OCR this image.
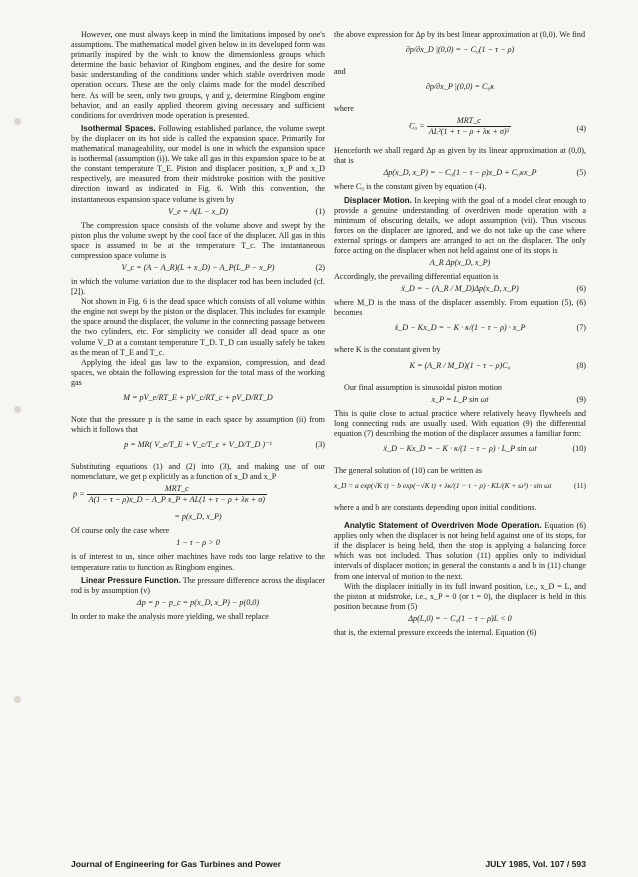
However, one must always keep in mind the limitations imposed by one's assumptions. The mathematical model given below in its developed form was primarily inspired by the wish to know the dimensionless groups which determine the basic behavior of Ringbom engines, and the desire for some basic understanding of the conditions under which stable overdriven mode operation occurs. These are the only claims made for the model described here. As will be seen, only two groups, γ and χ, determine Ringbom engine behavior, and an easily applied theorem giving necessary and sufficient conditions for overdriven mode operation is presented.

Isothermal Spaces. Following established parlance, the volume swept by the displacer on its hot side is called the expansion space. Primarily for mathematical manageability, our model is one in which the expansion space is isothermal (assumption (i)). We take all gas in this expansion space to be at the constant temperature T_E. Piston and displacer position, x_P and x_D respectively, are measured from their midstroke position with the positive direction inward as indicated in Fig. 6. With this convention, the instantaneous expansion space volume is given by

V_e = A(L − x_D)	(1)

The compression space consists of the volume above and swept by the piston plus the volume swept by the cool face of the displacer. All gas in this space is assumed to be at the temperature T_c. The instantaneous compression space volume is

V_c = (A − A_R)(L + x_D) − A_P(L_P − x_P)	(2)

in which the volume variation due to the displacer rod has been included (cf. [2]).

Not shown in Fig. 6 is the dead space which consists of all volume within the engine not swept by the piston or the displacer. This includes for example the space around the displacer, the volume in the connecting passage between the two cylinders, etc. For simplicity we consider all dead space as one volume V_D at a constant temperature T_D. T_D can usually safely be taken as the mean of T_E and T_c.

Applying the ideal gas law to the expansion, compression, and dead spaces, we obtain the following expression for the total mass of the working gas

M = pV_e/RT_E + pV_c/RT_c + pV_D/RT_D

Note that the pressure p is the same in each space by assumption (ii) from which it follows that

p = MR( V_e/T_E + V_c/T_c + V_D/T_D )⁻¹	(3)

Substituting equations (1) and (2) into (3), and making use of our nomenclature, we get p explicitly as a function of x_D and x_P

$p = \frac{\text{MRT\_c}}{\text{A(1 − τ − ρ)x\_D − A\_P x\_P + AL(1 + τ − ρ + λκ + σ)}}$
= p(x_D, x_P)

Of course only the case where

1 − τ − ρ > 0

is of interest to us, since other machines have rods too large relative to the temperature ratio to function as Ringbom engines.

Linear Pressure Function. The pressure difference across the displacer rod is by assumption (v)

Δp = p − p_c = p(x_D, x_P) − p(0,0)

In order to make the analysis more yielding, we shall replace

the above expression for Δp by its best linear approximation at (0,0). We find

∂p/∂x_D |(0,0) = − C₀(1 − τ − ρ)

and

∂p/∂x_P |(0,0) = C₀κ

where

$C_0 = \frac{\text{MRT\_c}}{\text{AL²(1 + τ − ρ + λκ + σ)²}}$	(4)

Henceforth we shall regard Δp as given by its linear approximation at (0,0), that is

Δp(x_D, x_P) = − C₀(1 − τ − ρ)x_D + C₀κx_P	(5)

where C₀ is the constant given by equation (4).

Displacer Motion. In keeping with the goal of a model clear enough to provide a genuine understanding of overdriven mode operation with a minimum of obscuring details, we adopt assumption (vii). Thus viscous forces on the displacer are ignored, and we do not take up the case where external springs or dampers are arranged to act on the displacer. The only force acting on the displacer when not held against one of its stops is

A_R Δp(x_D, x_P)

Accordingly, the prevailing differential equation is

ẍ_D = − (A_R / M_D)Δp(x_D, x_P)	(6)

where M_D is the mass of the displacer assembly. From equation (5), (6) becomes

ẍ_D − Kx_D = − K · κ/(1 − τ − ρ) · x_P	(7)

where K is the constant given by

K = (A_R / M_D)(1 − τ − ρ)C₀	(8)

Our final assumption is sinusoidal piston motion

x_P = L_P sin ωt	(9)

This is quite close to actual practice where relatively heavy flywheels and long connecting rods are usually used. With equation (9) the differential equation (7) describing the motion of the displacer assumes a familiar form:

ẍ_D − Kx_D = − K · κ/(1 − τ − ρ) · L_P sin ωt	(10)

The general solution of (10) can be written as

x_D = a exp(√K t) − b exp(−√K t) + λκ/(1 − τ − ρ) · KL/(K + ω²) · sin ωt	(11)

where a and b are constants depending upon initial conditions.

Analytic Statement of Overdriven Mode Operation. Equation (6) applies only when the displacer is not being held against one of its stops, for if the displacer is being held, then the stop is applying a balancing force which was not included. Thus solution (11) applies only to individual intervals of displacer motion; in general the constants a and b in (11) change from one interval of motion to the next.

With the displacer initially in its full inward position, i.e., x_D = L, and the piston at midstroke, i.e., x_P = 0 (or t = 0), the displacer is held in this position because from (5)

Δp(L,0) = − C₀(1 − τ − ρ)L < 0

that is, the external pressure exceeds the internal. Equation (6)

Journal of Engineering for Gas Turbines and Power	JULY 1985, Vol. 107 / 593
